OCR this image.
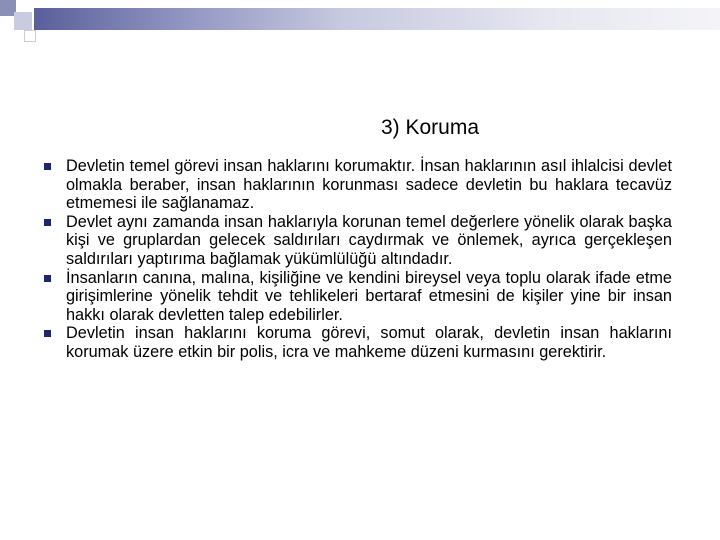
3) Koruma
Devletin temel görevi insan haklarını korumaktır. İnsan haklarının asıl ihlalcisi devlet olmakla beraber, insan haklarının korunması sadece devletin bu haklara tecavüz etmemesi ile sağlanamaz.
Devlet aynı zamanda insan haklarıyla korunan temel değerlere yönelik olarak başka kişi ve gruplardan gelecek saldırıları caydırmak ve önlemek, ayrıca gerçekleşen saldırıları yaptırıma bağlamak yükümlülüğü altındadır.
İnsanların canına, malına, kişiliğine ve kendini bireysel veya toplu olarak ifade etme girişimlerine yönelik tehdit ve tehlikeleri bertaraf etmesini de kişiler yine bir insan hakkı olarak devletten talep edebilirler.
Devletin insan haklarını koruma görevi, somut olarak, devletin insan haklarını korumak üzere etkin bir polis, icra ve mahkeme düzeni kurmasını gerektirir.
